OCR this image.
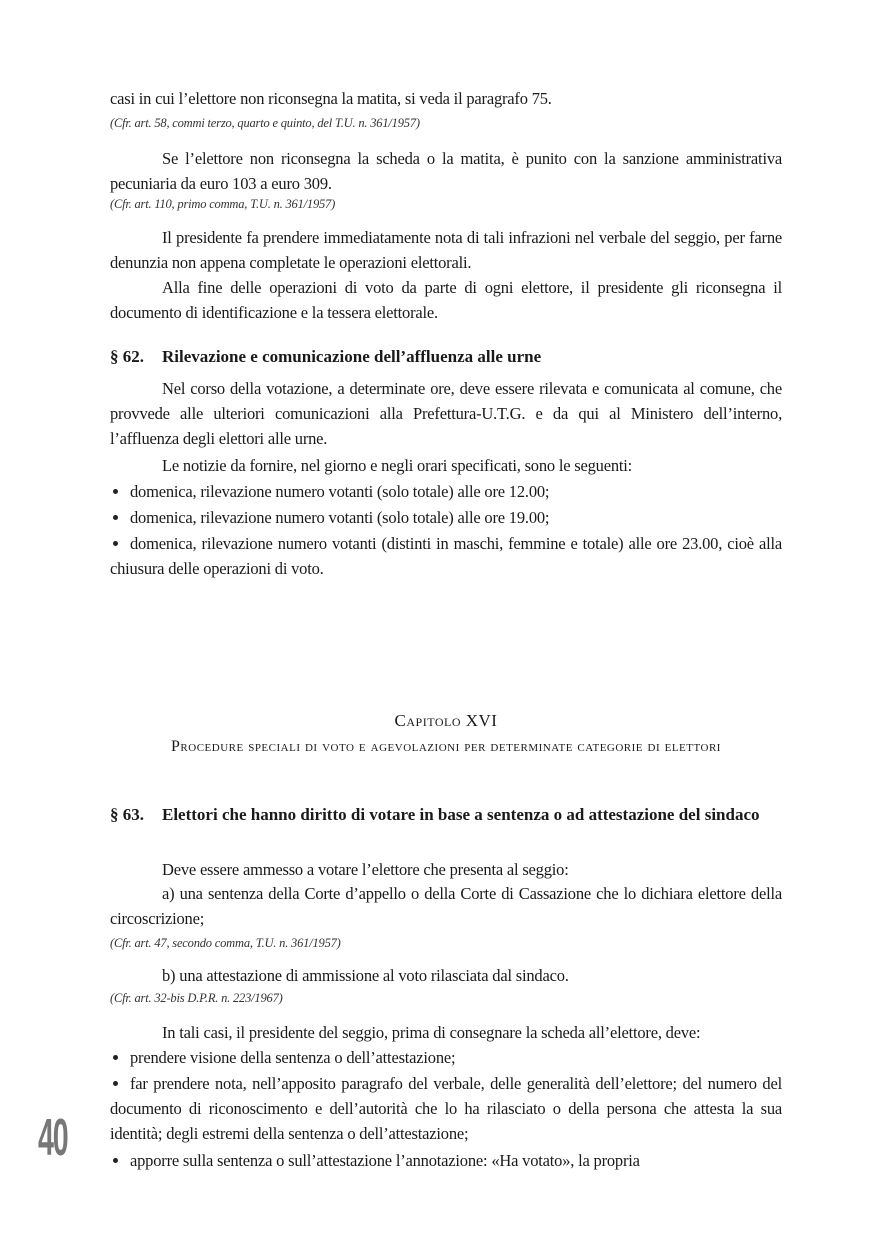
casi in cui l’elettore non riconsegna la matita, si veda il paragrafo 75.
(Cfr. art. 58, commi terzo, quarto e quinto, del T.U. n. 361/1957)
Se l’elettore non riconsegna la scheda o la matita, è punito con la sanzione amministrativa pecuniaria da euro 103 a euro 309.
(Cfr. art. 110, primo comma, T.U. n. 361/1957)
Il presidente fa prendere immediatamente nota di tali infrazioni nel verbale del seggio, per farne denunzia non appena completate le operazioni elettorali.
Alla fine delle operazioni di voto da parte di ogni elettore, il presidente gli riconsegna il documento di identificazione e la tessera elettorale.
§ 62. Rilevazione e comunicazione dell’affluenza alle urne
Nel corso della votazione, a determinate ore, deve essere rilevata e comunicata al comune, che provvede alle ulteriori comunicazioni alla Prefettura-U.T.G. e da qui al Ministero dell’interno, l’affluenza degli elettori alle urne.
Le notizie da fornire, nel giorno e negli orari specificati, sono le seguenti:
domenica, rilevazione numero votanti (solo totale) alle ore 12.00;
domenica, rilevazione numero votanti (solo totale) alle ore 19.00;
domenica, rilevazione numero votanti (distinti in maschi, femmine e totale) alle ore 23.00, cioè alla chiusura delle operazioni di voto.
Capitolo XVI
Procedure speciali di voto e agevolazioni per determinate categorie di elettori
§ 63. Elettori che hanno diritto di votare in base a sentenza o ad attestazione del sindaco
Deve essere ammesso a votare l’elettore che presenta al seggio:
a) una sentenza della Corte d’appello o della Corte di Cassazione che lo dichiara elettore della circoscrizione;
(Cfr. art. 47, secondo comma, T.U. n. 361/1957)
b) una attestazione di ammissione al voto rilasciata dal sindaco.
(Cfr. art. 32-bis D.P.R. n. 223/1967)
In tali casi, il presidente del seggio, prima di consegnare la scheda all’elettore, deve:
prendere visione della sentenza o dell’attestazione;
far prendere nota, nell’apposito paragrafo del verbale, delle generalità dell’elettore; del numero del documento di riconoscimento e dell’autorità che lo ha rilasciato o della persona che attesta la sua identità; degli estremi della sentenza o dell’attestazione;
apporre sulla sentenza o sull’attestazione l’annotazione: «Ha votato», la propria
40
